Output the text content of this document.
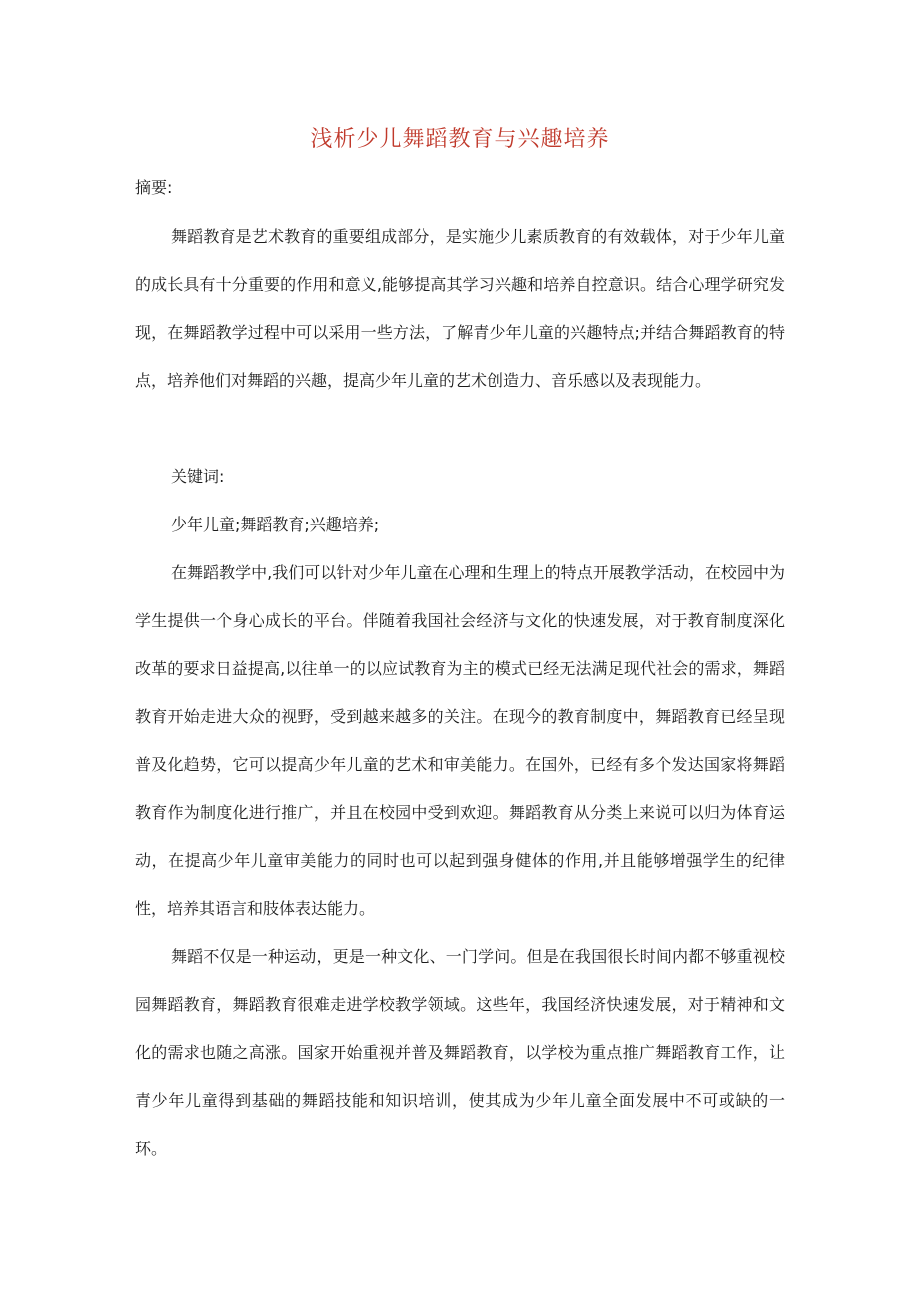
浅析少儿舞蹈教育与兴趣培养
摘要:
舞蹈教育是艺术教育的重要组成部分，是实施少儿素质教育的有效载体，对于少年儿童的成长具有十分重要的作用和意义,能够提高其学习兴趣和培养自控意识。结合心理学研究发现，在舞蹈教学过程中可以采用一些方法，了解青少年儿童的兴趣特点;并结合舞蹈教育的特点，培养他们对舞蹈的兴趣，提高少年儿童的艺术创造力、音乐感以及表现能力。
关键词:
少年儿童;舞蹈教育;兴趣培养;
在舞蹈教学中,我们可以针对少年儿童在心理和生理上的特点开展教学活动，在校园中为学生提供一个身心成长的平台。伴随着我国社会经济与文化的快速发展，对于教育制度深化改革的要求日益提高,以往单一的以应试教育为主的模式已经无法满足现代社会的需求，舞蹈教育开始走进大众的视野，受到越来越多的关注。在现今的教育制度中，舞蹈教育已经呈现普及化趋势，它可以提高少年儿童的艺术和审美能力。在国外，已经有多个发达国家将舞蹈教育作为制度化进行推广，并且在校园中受到欢迎。舞蹈教育从分类上来说可以归为体育运动，在提高少年儿童审美能力的同时也可以起到强身健体的作用,并且能够增强学生的纪律性，培养其语言和肢体表达能力。
舞蹈不仅是一种运动，更是一种文化、一门学问。但是在我国很长时间内都不够重视校园舞蹈教育，舞蹈教育很难走进学校教学领域。这些年，我国经济快速发展，对于精神和文化的需求也随之高涨。国家开始重视并普及舞蹈教育，以学校为重点推广舞蹈教育工作，让青少年儿童得到基础的舞蹈技能和知识培训，使其成为少年儿童全面发展中不可或缺的一环。
